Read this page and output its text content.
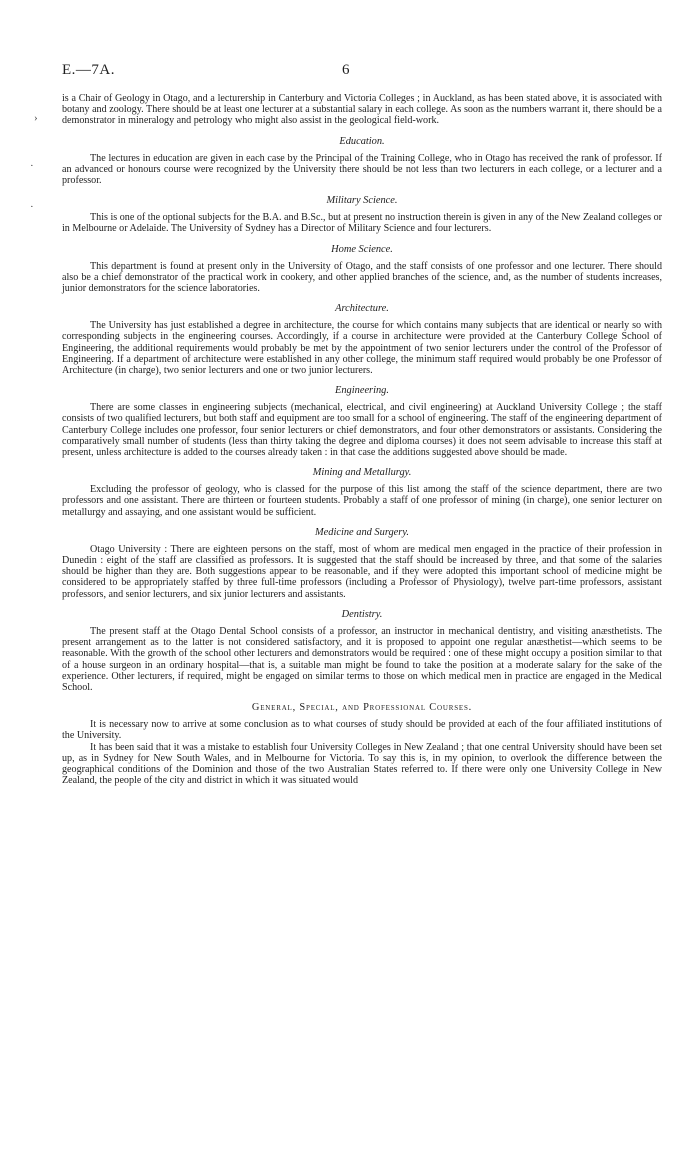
E.—7A.	6
›
·
·

is a Chair of Geology in Otago, and a lecturership in Canterbury and Victoria Colleges ; in Auckland, as has been stated above, it is associated with botany and zoology. There should be at least one lecturer at a substantial salary in each college. As soon as the numbers warrant it, there should be a demonstrator in mineralogy and petrology who might also assist in the geological field-work.

Education.

The lectures in education are given in each case by the Principal of the Training College, who in Otago has received the rank of professor. If an advanced or honours course were recognized by the University there should be not less than two lecturers in each college, or a lecturer and a professor.

Military Science.

This is one of the optional subjects for the B.A. and B.Sc., but at present no instruction therein is given in any of the New Zealand colleges or in Melbourne or Adelaide. The University of Sydney has a Director of Military Science and four lecturers.

Home Science.

This department is found at present only in the University of Otago, and the staff consists of one professor and one lecturer. There should also be a chief demonstrator of the practical work in cookery, and other applied branches of the science, and, as the number of students increases, junior demonstrators for the science laboratories.

Architecture.

The University has just established a degree in architecture, the course for which contains many subjects that are identical or nearly so with corresponding subjects in the engineering courses. Accordingly, if a course in architecture were provided at the Canterbury College School of Engineering, the additional requirements would probably be met by the appointment of two senior lecturers under the control of the Professor of Engineering. If a department of architecture were established in any other college, the minimum staff required would probably be one Professor of Architecture (in charge), two senior lecturers and one or two junior lecturers.

Engineering.

There are some classes in engineering subjects (mechanical, electrical, and civil engineering) at Auckland University College ; the staff consists of two qualified lecturers, but both staff and equipment are too small for a school of engineering. The staff of the engineering department of Canterbury College includes one professor, four senior lecturers or chief demonstrators, and four other demonstrators or assistants. Considering the comparatively small number of students (less than thirty taking the degree and diploma courses) it does not seem advisable to increase this staff at present, unless architecture is added to the courses already taken : in that case the additions suggested above should be made.

Mining and Metallurgy.

Excluding the professor of geology, who is classed for the purpose of this list among the staff of the science department, there are two professors and one assistant. There are thirteen or fourteen students. Probably a staff of one professor of mining (in charge), one senior lecturer on metallurgy and assaying, and one assistant would be sufficient.

Medicine and Surgery.

Otago University : There are eighteen persons on the staff, most of whom are medical men engaged in the practice of their profession in Dunedin : eight of the staff are classified as professors. It is suggested that the staff should be increased by three, and that some of the salaries should be higher than they are. Both suggestions appear to be reasonable, and if they were adopted this important school of medicine might be considered to be appropriately staffed by three full-time professors (including a Professor of Physiology), twelve part-time professors, assistant professors, and senior lecturers, and six junior lecturers and assistants.

Dentistry.

The present staff at the Otago Dental School consists of a professor, an instructor in mechanical dentistry, and visiting anæsthetists. The present arrangement as to the latter is not considered satisfactory, and it is proposed to appoint one regular anæsthetist—which seems to be reasonable. With the growth of the school other lecturers and demonstrators would be required : one of these might occupy a position similar to that of a house surgeon in an ordinary hospital—that is, a suitable man might be found to take the position at a moderate salary for the sake of the experience. Other lecturers, if required, might be engaged on similar terms to those on which medical men in practice are engaged in the Medical School.

General, Special, and Professional Courses.

It is necessary now to arrive at some conclusion as to what courses of study should be provided at each of the four affiliated institutions of the University.

It has been said that it was a mistake to establish four University Colleges in New Zealand ; that one central University should have been set up, as in Sydney for New South Wales, and in Melbourne for Victoria. To say this is, in my opinion, to overlook the difference between the geographical conditions of the Dominion and those of the two Australian States referred to. If there were only one University College in New Zealand, the people of the city and district in which it was situated would
